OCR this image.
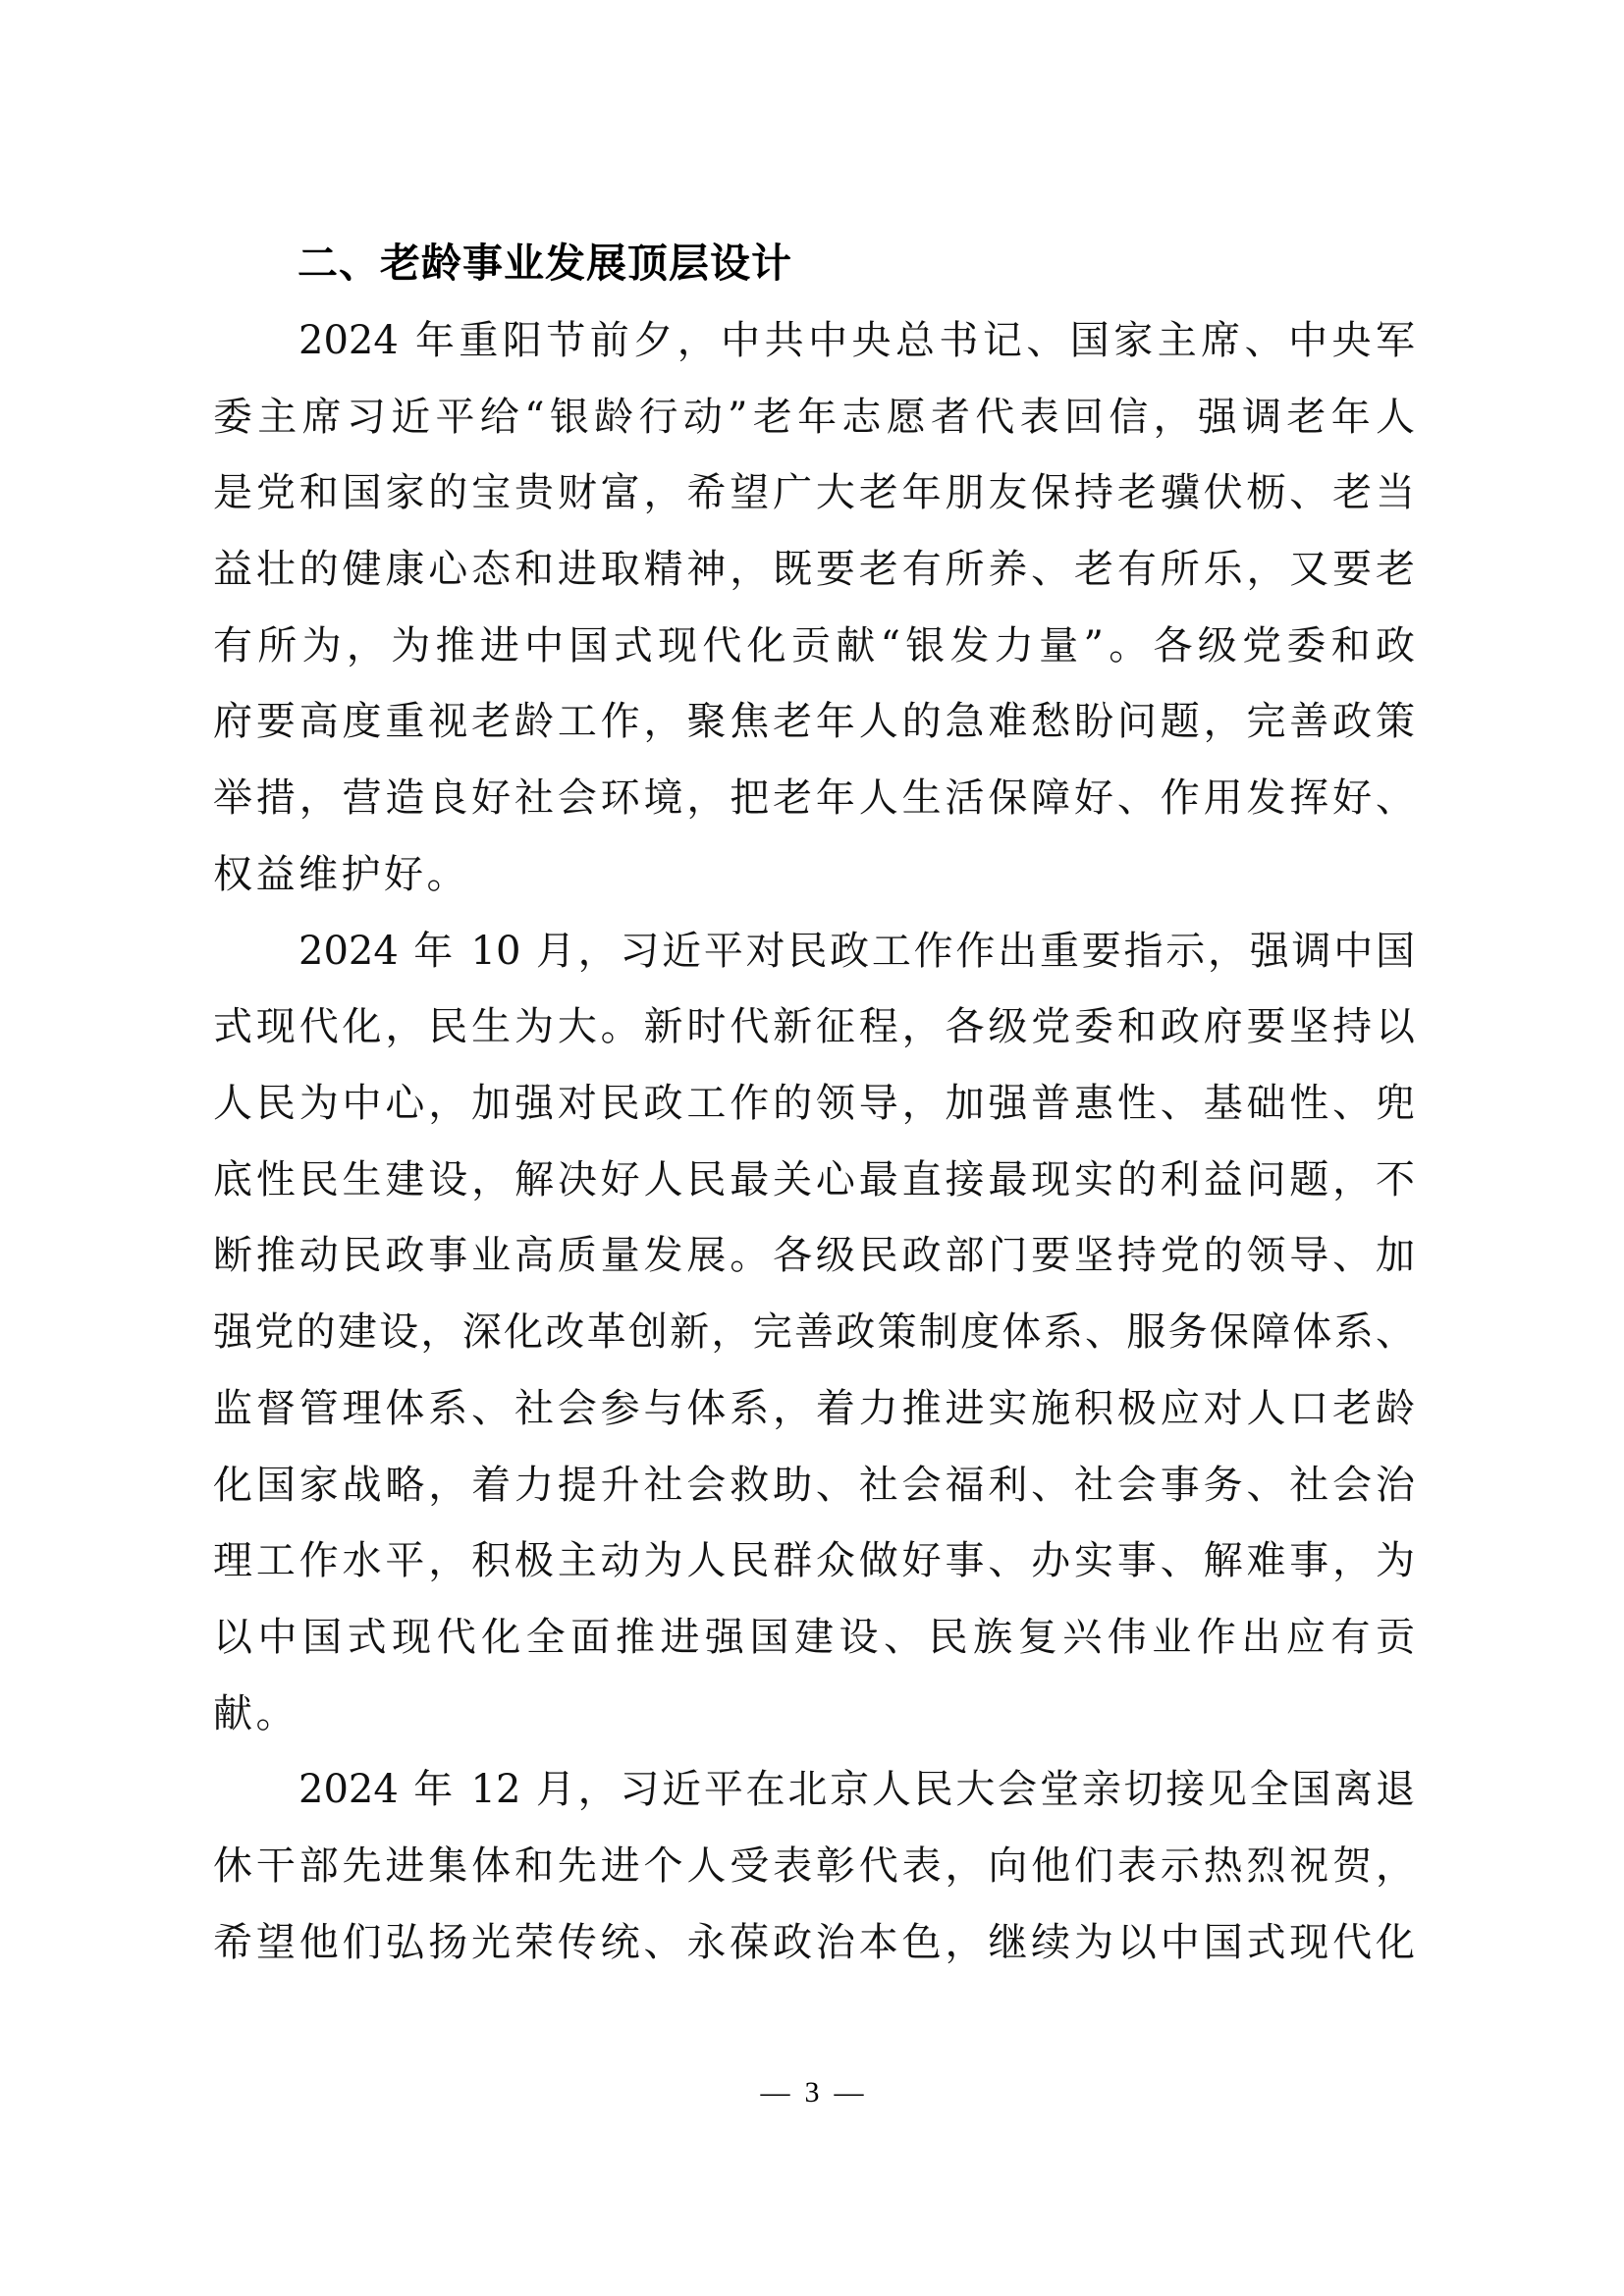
二、老龄事业发展顶层设计
2024 年重阳节前夕，中共中央总书记、国家主席、中央军
委主席习近平给“银龄行动”老年志愿者代表回信，强调老年人
是党和国家的宝贵财富，希望广大老年朋友保持老骥伏枥、老当
益壮的健康心态和进取精神，既要老有所养、老有所乐，又要老
有所为，为推进中国式现代化贡献“银发力量”。各级党委和政
府要高度重视老龄工作，聚焦老年人的急难愁盼问题，完善政策
举措，营造良好社会环境，把老年人生活保障好、作用发挥好、
权益维护好。
2024 年 10 月，习近平对民政工作作出重要指示，强调中国
式现代化，民生为大。新时代新征程，各级党委和政府要坚持以
人民为中心，加强对民政工作的领导，加强普惠性、基础性、兜
底性民生建设，解决好人民最关心最直接最现实的利益问题，不
断推动民政事业高质量发展。各级民政部门要坚持党的领导、加
强党的建设，深化改革创新，完善政策制度体系、服务保障体系、
监督管理体系、社会参与体系，着力推进实施积极应对人口老龄
化国家战略，着力提升社会救助、社会福利、社会事务、社会治
理工作水平，积极主动为人民群众做好事、办实事、解难事，为
以中国式现代化全面推进强国建设、民族复兴伟业作出应有贡
献。
2024 年 12 月，习近平在北京人民大会堂亲切接见全国离退
休干部先进集体和先进个人受表彰代表，向他们表示热烈祝贺，
希望他们弘扬光荣传统、永葆政治本色，继续为以中国式现代化
—  3  —
